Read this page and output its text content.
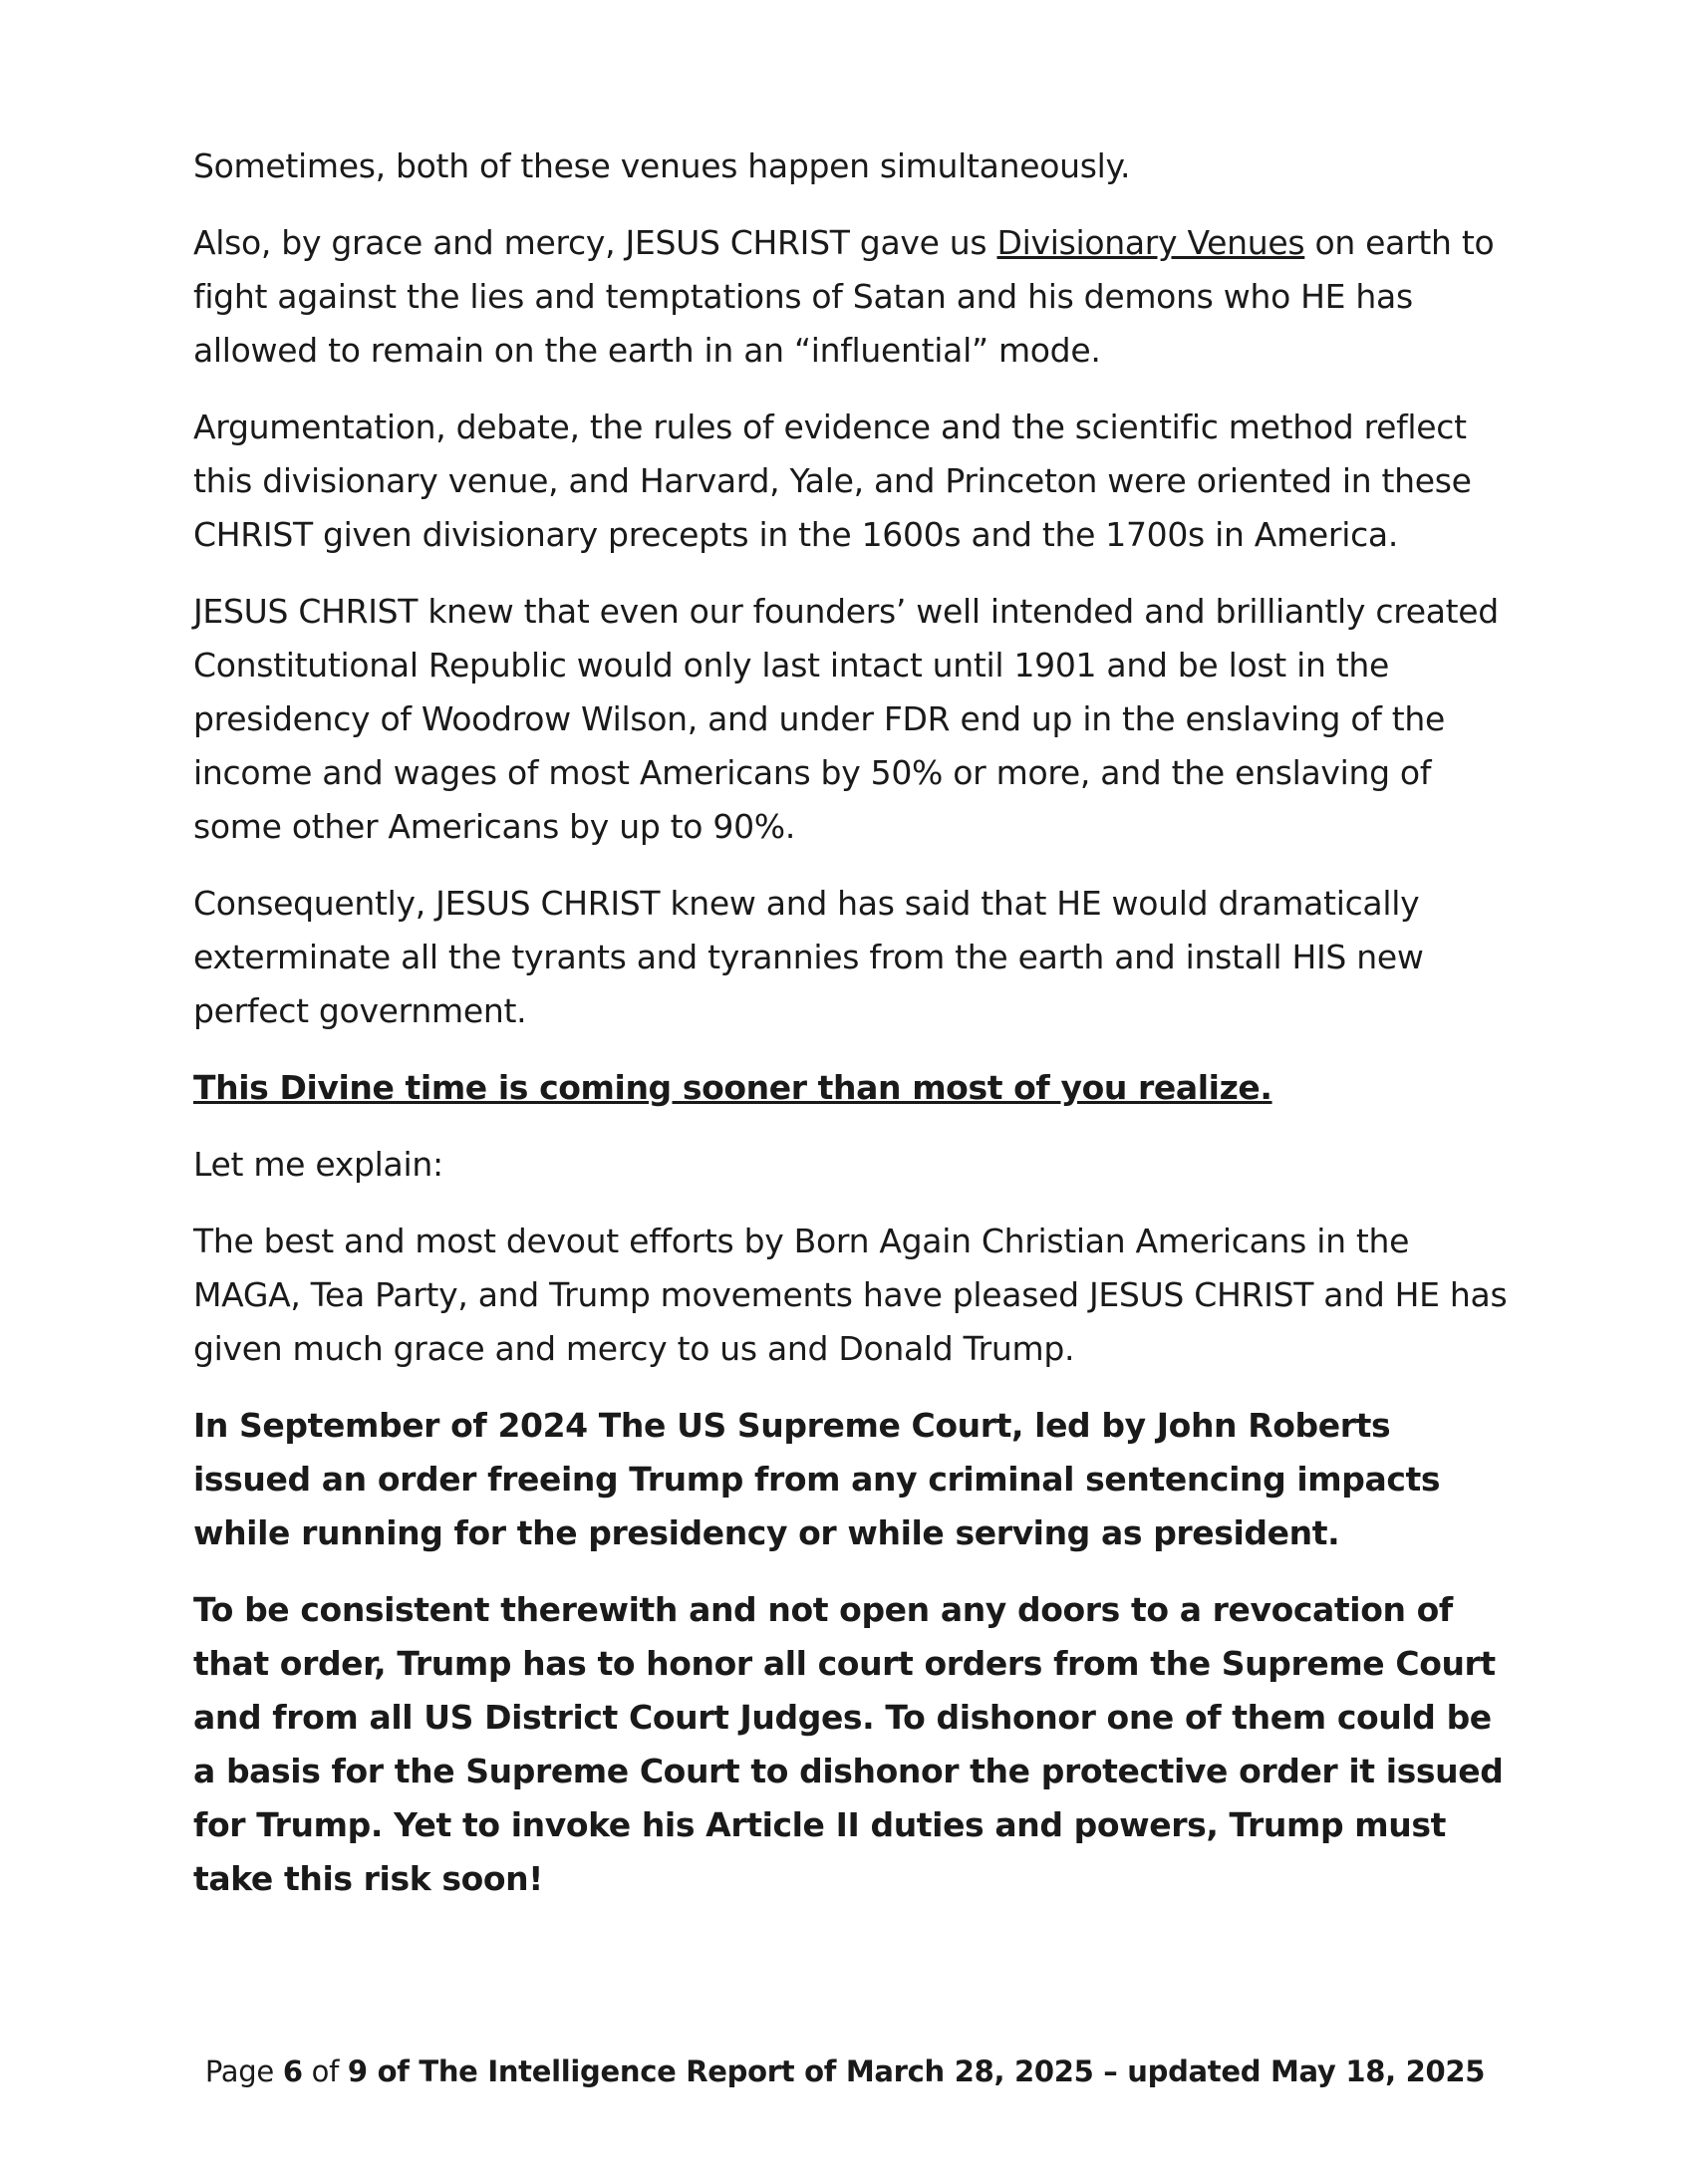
Sometimes, both of these venues happen simultaneously.

Also, by grace and mercy, JESUS CHRIST gave us Divisionary Venues on earth to fight against the lies and temptations of Satan and his demons who HE has allowed to remain on the earth in an “influential” mode.

Argumentation, debate, the rules of evidence and the scientific method reflect this divisionary venue, and Harvard, Yale, and Princeton were oriented in these CHRIST given divisionary precepts in the 1600s and the 1700s in America.

JESUS CHRIST knew that even our founders’ well intended and brilliantly created Constitutional Republic would only last intact until 1901 and be lost in the presidency of Woodrow Wilson, and under FDR end up in the enslaving of the income and wages of most Americans by 50% or more, and the enslaving of some other Americans by up to 90%.

Consequently, JESUS CHRIST knew and has said that HE would dramatically exterminate all the tyrants and tyrannies from the earth and install HIS new perfect government.

This Divine time is coming sooner than most of you realize.

Let me explain:

The best and most devout efforts by Born Again Christian Americans in the MAGA, Tea Party, and Trump movements have pleased JESUS CHRIST and HE has given much grace and mercy to us and Donald Trump.

In September of 2024 The US Supreme Court, led by John Roberts issued an order freeing Trump from any criminal sentencing impacts while running for the presidency or while serving as president.

To be consistent therewith and not open any doors to a revocation of that order, Trump has to honor all court orders from the Supreme Court and from all US District Court Judges. To dishonor one of them could be a basis for the Supreme Court to dishonor the protective order it issued for Trump. Yet to invoke his Article II duties and powers, Trump must take this risk soon!

Page 6 of 9 of The Intelligence Report of March 28, 2025 – updated May 18, 2025
